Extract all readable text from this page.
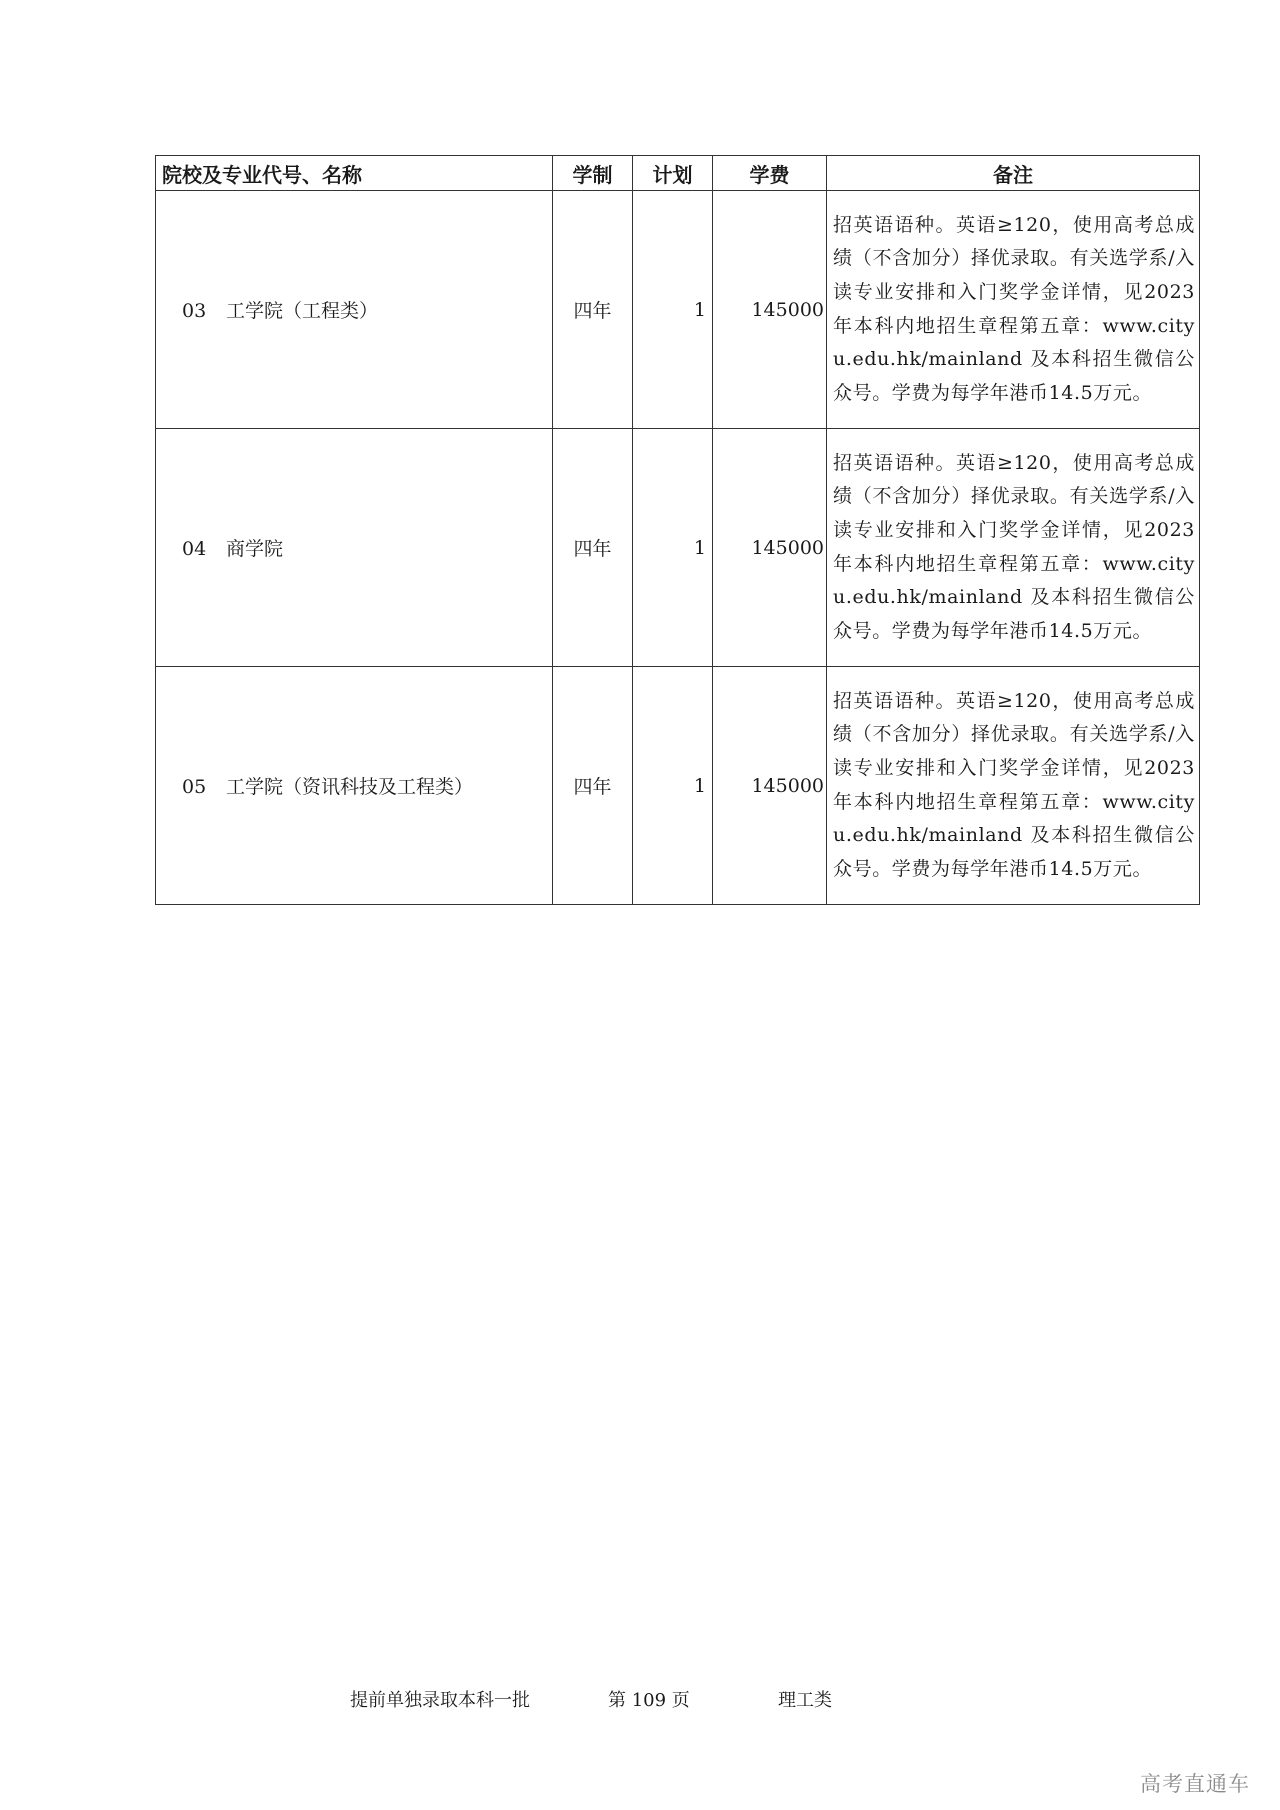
院校及专业代号、名称	学制	计划	学费	备注
03 工学院（工程类）	四年	1	145000	招英语语种。英语≥120，使用高考总成绩（不含加分）择优录取。有关选学系/入读专业安排和入门奖学金详情，见2023年本科内地招生章程第五章：www.cityu.edu.hk/mainland 及本科招生微信公众号。学费为每学年港币14.5万元。
04 商学院	四年	1	145000	招英语语种。英语≥120，使用高考总成绩（不含加分）择优录取。有关选学系/入读专业安排和入门奖学金详情，见2023年本科内地招生章程第五章：www.cityu.edu.hk/mainland 及本科招生微信公众号。学费为每学年港币14.5万元。
05 工学院（资讯科技及工程类）	四年	1	145000	招英语语种。英语≥120，使用高考总成绩（不含加分）择优录取。有关选学系/入读专业安排和入门奖学金详情，见2023年本科内地招生章程第五章：www.cityu.edu.hk/mainland 及本科招生微信公众号。学费为每学年港币14.5万元。
提前单独录取本科一批	第 109 页	理工类
高考直通车
